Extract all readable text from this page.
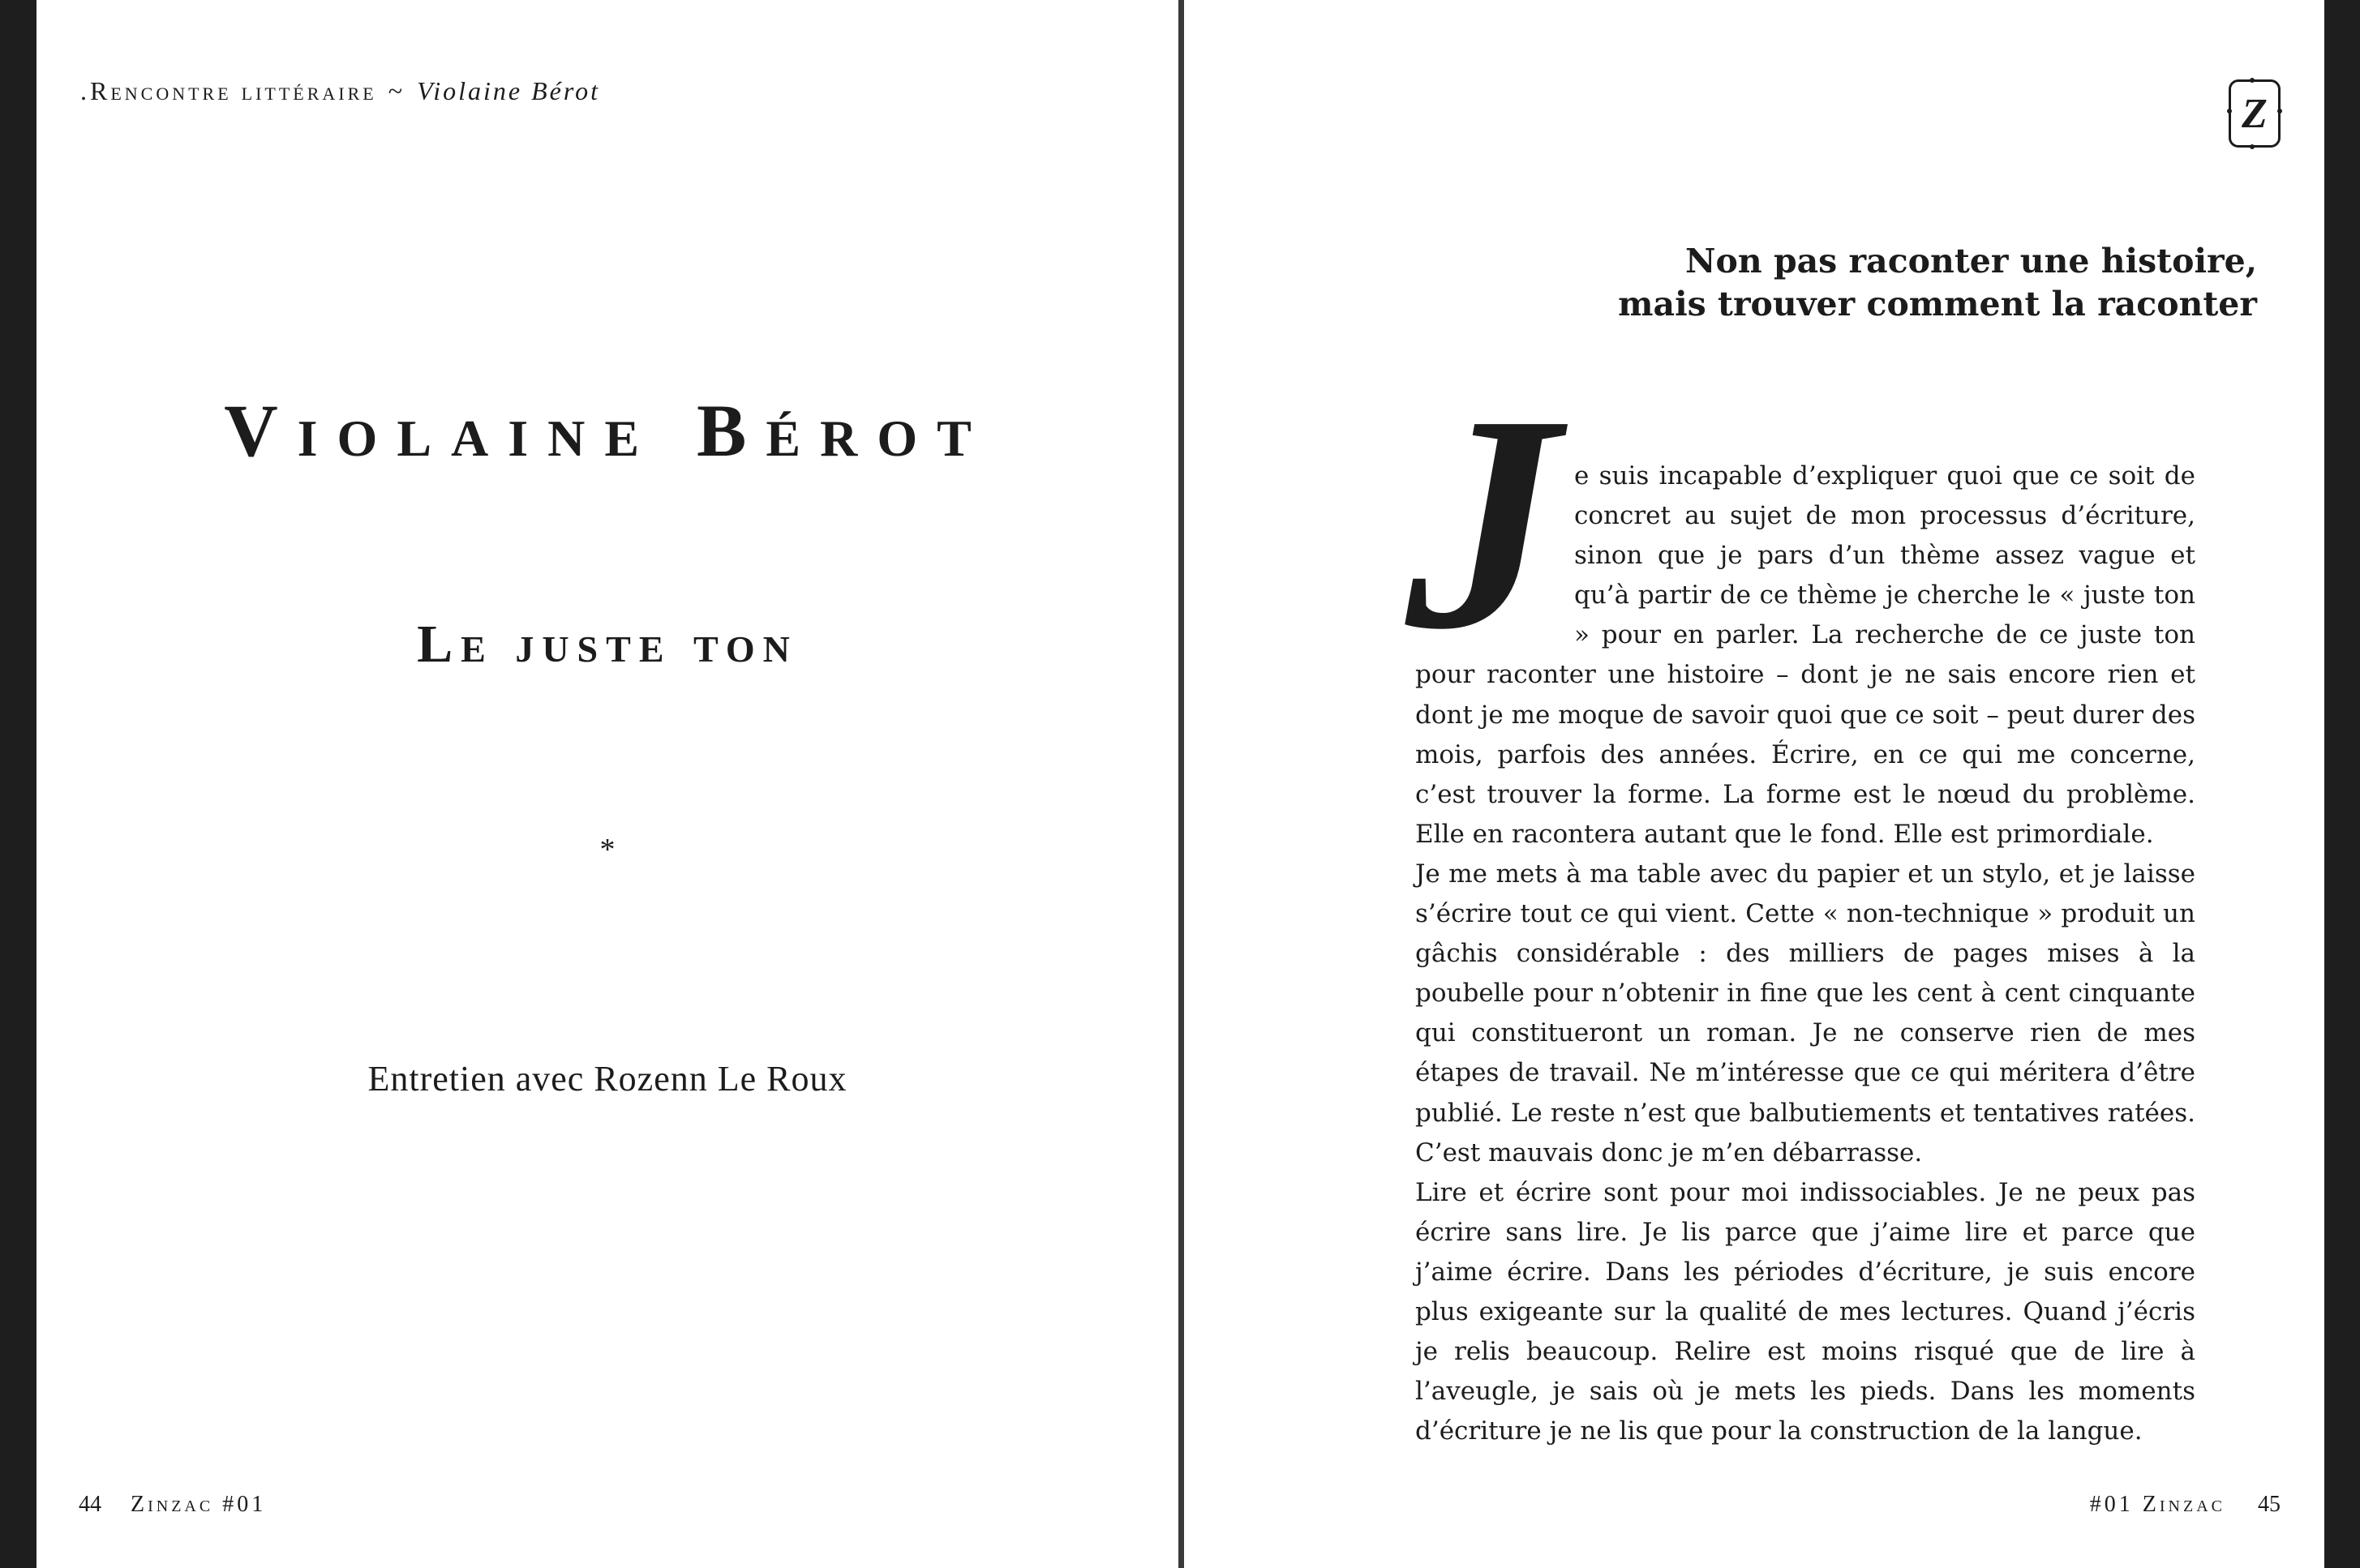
.Rencontre littéraire ~ Violaine Bérot
Violaine Bérot
Le juste ton
*
Entretien avec Rozenn Le Roux
44 Zinzac #01
Z
Non pas raconter une histoire,
mais trouver comment la raconter
J e suis incapable d’expliquer quoi que ce soit de concret au sujet de mon processus d’écriture, sinon que je pars d’un thème assez vague et qu’à partir de ce thème je cherche le « juste ton » pour en parler. La recherche de ce juste ton pour raconter une histoire – dont je ne sais encore rien et dont je me moque de savoir quoi que ce soit – peut durer des mois, parfois des années. Écrire, en ce qui me concerne, c’est trouver la forme. La forme est le nœud du problème. Elle en racontera autant que le fond. Elle est primordiale.

Je me mets à ma table avec du papier et un stylo, et je laisse s’écrire tout ce qui vient. Cette « non-technique » produit un gâchis considérable : des milliers de pages mises à la poubelle pour n’obtenir in fine que les cent à cent cinquante qui constitueront un roman. Je ne conserve rien de mes étapes de travail. Ne m’intéresse que ce qui méritera d’être publié. Le reste n’est que balbutiements et tentatives ratées. C’est mauvais donc je m’en débarrasse.

Lire et écrire sont pour moi indissociables. Je ne peux pas écrire sans lire. Je lis parce que j’aime lire et parce que j’aime écrire. Dans les périodes d’écriture, je suis encore plus exigeante sur la qualité de mes lectures. Quand j’écris je relis beaucoup. Relire est moins risqué que de lire à l’aveugle, je sais où je mets les pieds. Dans les moments d’écriture je ne lis que pour la construction de la langue.

#01 Zinzac 45
